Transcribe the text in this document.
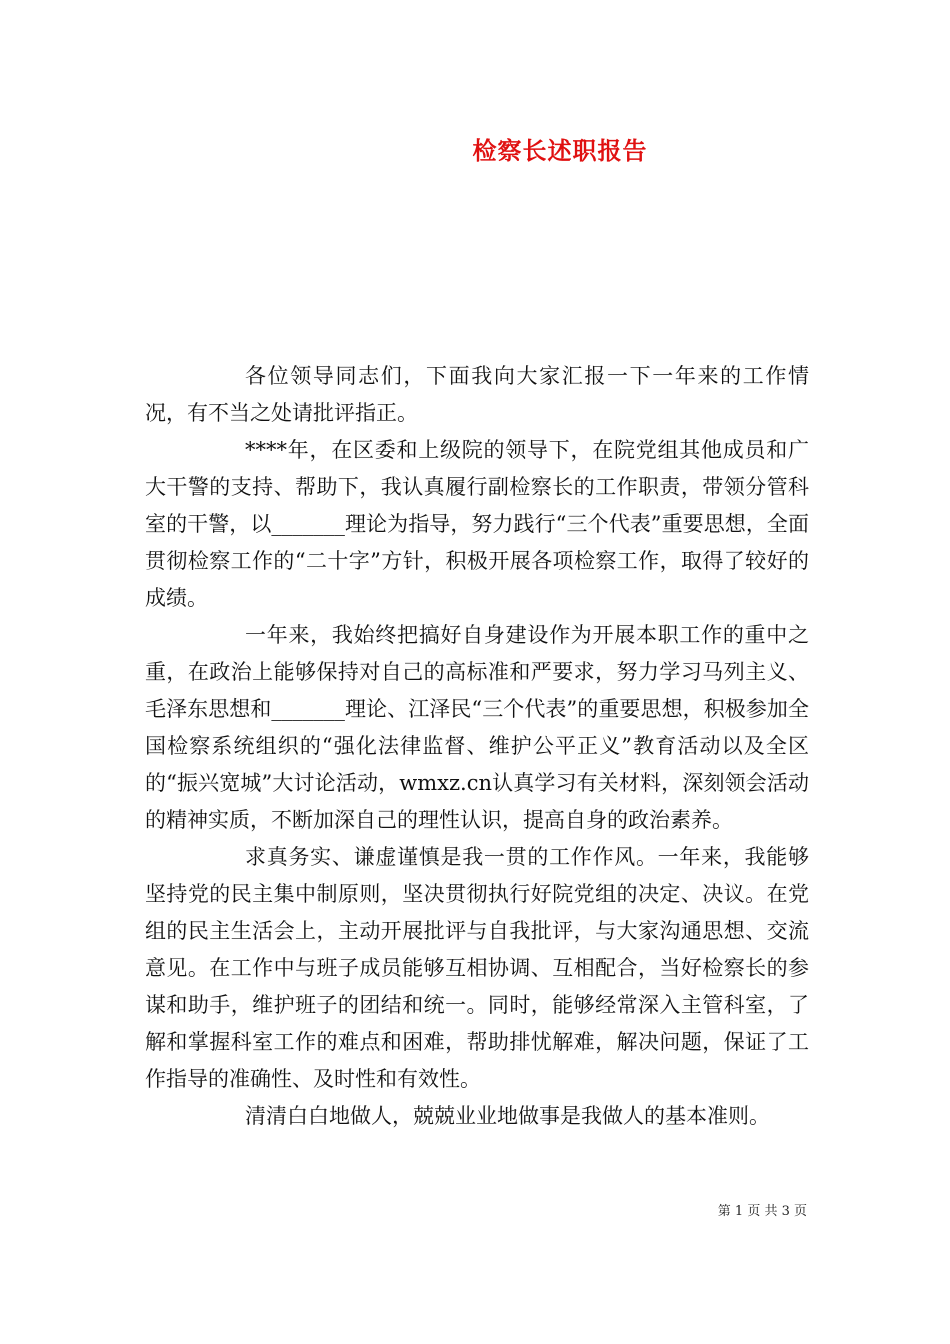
检察长述职报告

各位领导同志们，下面我向大家汇报一下一年来的工作情况，有不当之处请批评指正。

****年，在区委和上级院的领导下，在院党组其他成员和广大干警的支持、帮助下，我认真履行副检察长的工作职责，带领分管科室的干警，以_______理论为指导，努力践行“三个代表”重要思想，全面贯彻检察工作的“二十字”方针，积极开展各项检察工作，取得了较好的成绩。

一年来，我始终把搞好自身建设作为开展本职工作的重中之重，在政治上能够保持对自己的高标准和严要求，努力学习马列主义、毛泽东思想和_______理论、江泽民“三个代表”的重要思想，积极参加全国检察系统组织的“强化法律监督、维护公平正义”教育活动以及全区的“振兴宽城”大讨论活动，wmxz.cn认真学习有关材料，深刻领会活动的精神实质，不断加深自己的理性认识，提高自身的政治素养。

求真务实、谦虚谨慎是我一贯的工作作风。一年来，我能够坚持党的民主集中制原则，坚决贯彻执行好院党组的决定、决议。在党组的民主生活会上，主动开展批评与自我批评，与大家沟通思想、交流意见。在工作中与班子成员能够互相协调、互相配合，当好检察长的参谋和助手，维护班子的团结和统一。同时，能够经常深入主管科室，了解和掌握科室工作的难点和困难，帮助排忧解难，解决问题，保证了工作指导的准确性、及时性和有效性。

清清白白地做人，兢兢业业地做事是我做人的基本准则。

第 1 页 共 3 页
